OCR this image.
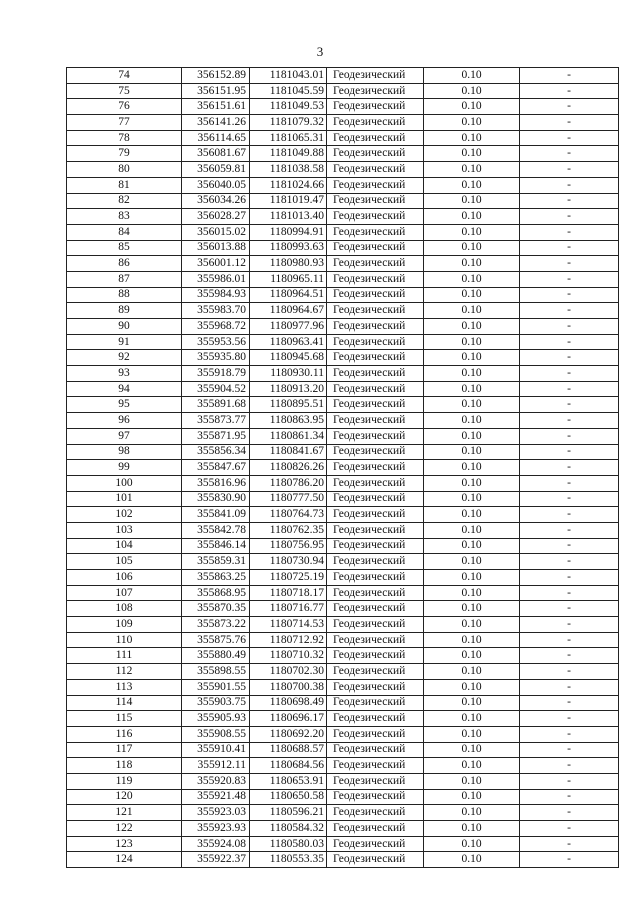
3
74	356152.89	1181043.01	Геодезический	0.10	-
75	356151.95	1181045.59	Геодезический	0.10	-
76	356151.61	1181049.53	Геодезический	0.10	-
77	356141.26	1181079.32	Геодезический	0.10	-
78	356114.65	1181065.31	Геодезический	0.10	-
79	356081.67	1181049.88	Геодезический	0.10	-
80	356059.81	1181038.58	Геодезический	0.10	-
81	356040.05	1181024.66	Геодезический	0.10	-
82	356034.26	1181019.47	Геодезический	0.10	-
83	356028.27	1181013.40	Геодезический	0.10	-
84	356015.02	1180994.91	Геодезический	0.10	-
85	356013.88	1180993.63	Геодезический	0.10	-
86	356001.12	1180980.93	Геодезический	0.10	-
87	355986.01	1180965.11	Геодезический	0.10	-
88	355984.93	1180964.51	Геодезический	0.10	-
89	355983.70	1180964.67	Геодезический	0.10	-
90	355968.72	1180977.96	Геодезический	0.10	-
91	355953.56	1180963.41	Геодезический	0.10	-
92	355935.80	1180945.68	Геодезический	0.10	-
93	355918.79	1180930.11	Геодезический	0.10	-
94	355904.52	1180913.20	Геодезический	0.10	-
95	355891.68	1180895.51	Геодезический	0.10	-
96	355873.77	1180863.95	Геодезический	0.10	-
97	355871.95	1180861.34	Геодезический	0.10	-
98	355856.34	1180841.67	Геодезический	0.10	-
99	355847.67	1180826.26	Геодезический	0.10	-
100	355816.96	1180786.20	Геодезический	0.10	-
101	355830.90	1180777.50	Геодезический	0.10	-
102	355841.09	1180764.73	Геодезический	0.10	-
103	355842.78	1180762.35	Геодезический	0.10	-
104	355846.14	1180756.95	Геодезический	0.10	-
105	355859.31	1180730.94	Геодезический	0.10	-
106	355863.25	1180725.19	Геодезический	0.10	-
107	355868.95	1180718.17	Геодезический	0.10	-
108	355870.35	1180716.77	Геодезический	0.10	-
109	355873.22	1180714.53	Геодезический	0.10	-
110	355875.76	1180712.92	Геодезический	0.10	-
111	355880.49	1180710.32	Геодезический	0.10	-
112	355898.55	1180702.30	Геодезический	0.10	-
113	355901.55	1180700.38	Геодезический	0.10	-
114	355903.75	1180698.49	Геодезический	0.10	-
115	355905.93	1180696.17	Геодезический	0.10	-
116	355908.55	1180692.20	Геодезический	0.10	-
117	355910.41	1180688.57	Геодезический	0.10	-
118	355912.11	1180684.56	Геодезический	0.10	-
119	355920.83	1180653.91	Геодезический	0.10	-
120	355921.48	1180650.58	Геодезический	0.10	-
121	355923.03	1180596.21	Геодезический	0.10	-
122	355923.93	1180584.32	Геодезический	0.10	-
123	355924.08	1180580.03	Геодезический	0.10	-
124	355922.37	1180553.35	Геодезический	0.10	-
